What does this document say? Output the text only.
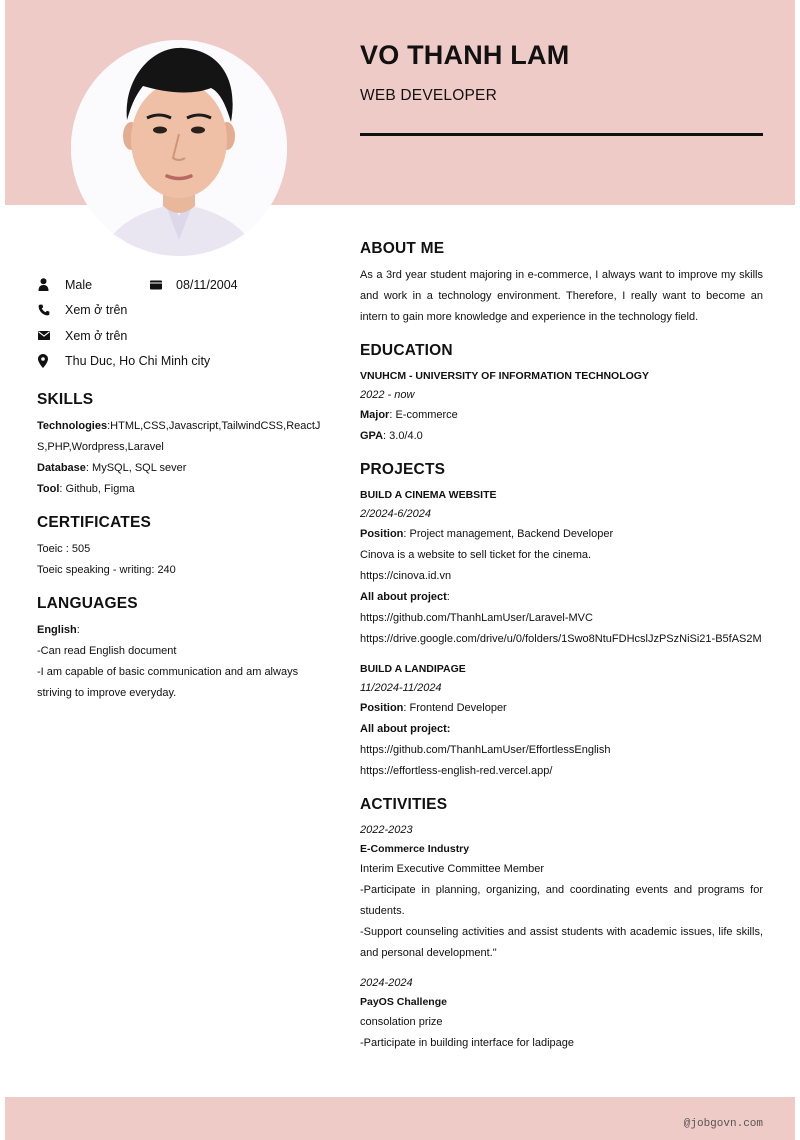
VO THANH LAM
WEB DEVELOPER
Male	08/11/2004
Xem ở trên
Xem ở trên
Thu Duc, Ho Chi Minh city
SKILLS
Technologies:HTML,CSS,Javascript,TailwindCSS,ReactJS,PHP,Wordpress,Laravel
Database: MySQL, SQL sever
Tool: Github, Figma
CERTIFICATES
Toeic : 505
Toeic speaking - writing: 240
LANGUAGES
English:
-Can read English document
-I am capable of basic communication and am always striving to improve everyday.
ABOUT ME
As a 3rd year student majoring in e-commerce, I always want to improve my skills and work in a technology environment. Therefore, I really want to become an intern to gain more knowledge and experience in the technology field.
EDUCATION
VNUHCM - UNIVERSITY OF INFORMATION TECHNOLOGY
2022 - now
Major: E-commerce
GPA: 3.0/4.0
PROJECTS
BUILD A CINEMA WEBSITE
2/2024-6/2024
Position: Project management, Backend Developer
Cinova is a website to sell ticket for the cinema.
https://cinova.id.vn
All about project:
https://github.com/ThanhLamUser/Laravel-MVC
https://drive.google.com/drive/u/0/folders/1Swo8NtuFDHcslJzPSzNiSi21-B5fAS2M
BUILD A LANDIPAGE
11/2024-11/2024
Position: Frontend Developer
All about project:
https://github.com/ThanhLamUser/EffortlessEnglish
https://effortless-english-red.vercel.app/
ACTIVITIES
2022-2023
E-Commerce Industry
Interim Executive Committee Member
-Participate in planning, organizing, and coordinating events and programs for students.
-Support counseling activities and assist students with academic issues, life skills, and personal development."
2024-2024
PayOS Challenge
consolation prize
-Participate in building interface for ladipage
@jobgovn.com
